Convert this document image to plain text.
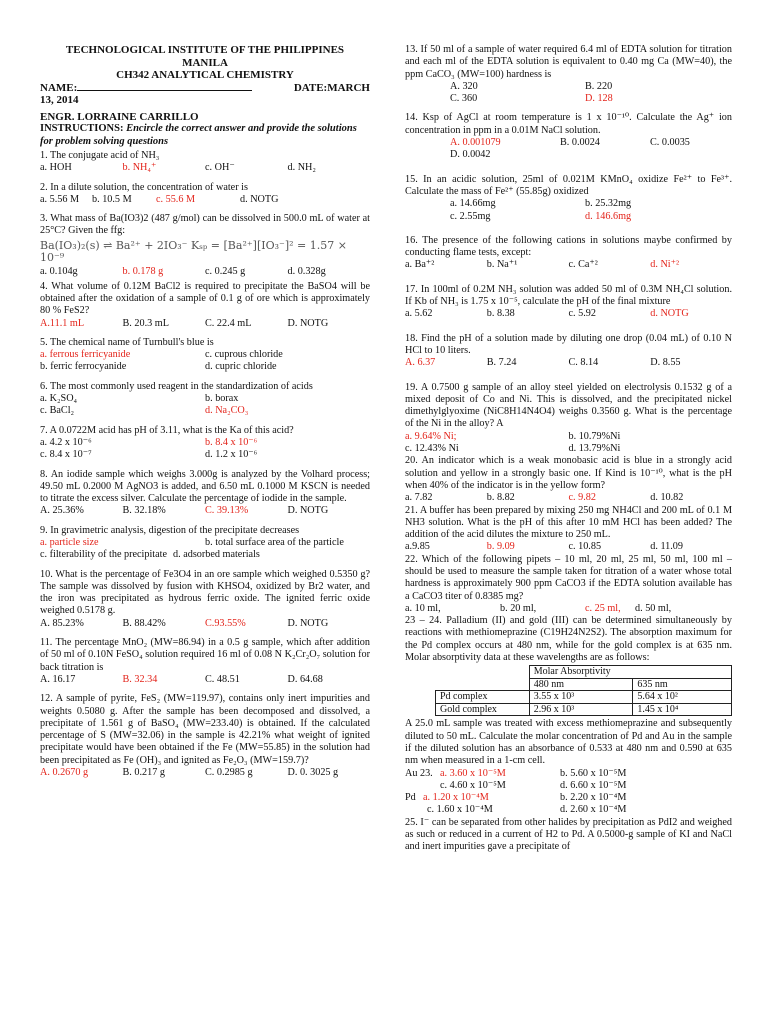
TECHNOLOGICAL INSTITUTE OF THE PHILIPPINES
MANILA
CH342 ANALYTICAL CHEMISTRY
NAME:	DATE:MARCH
13, 2014
ENGR. LORRAINE CARRILLO
INSTRUCTIONS: Encircle the correct answer and provide the solutions for problem solving questions

1. The conjugate acid of NH₃

a. HOH	b. NH₄⁺	c. OH⁻	d. NH₂

2. In a dilute solution, the concentration of water is

a. 5.56 M	b. 10.5 M	c. 55.6 M	d. NOTG

3. What mass of Ba(IO3)2 (487 g/mol) can be dissolved in 500.0 mL of water at 25°C? Given the ffg:

Ba(IO₃)₂(s) ⇌ Ba²⁺ + 2IO₃⁻ Kₛₚ = [Ba²⁺][IO₃⁻]² = 1.57 × 10⁻⁹
a. 0.104g	b. 0.178 g	c. 0.245 g	d. 0.328g

4. What volume of 0.12M BaCl2 is required to precipitate the BaSO4 will be obtained after the oxidation of a sample of 0.1 g of ore which is approximately 80 % FeS2?

A.11.1 mL	B. 20.3 mL	C. 22.4 mL	D. NOTG

5. The chemical name of Turnbull's blue is

a. ferrous ferricyanide	c. cuprous chloride
b. ferric ferrocyanide	d. cupric chloride

6. The most commonly used reagent in the standardization of acids

a. K₂SO₄	b. borax
c. BaCl₂	d. Na₂CO₃

7. A 0.0722M acid has pH of 3.11, what is the Ka of this acid?

a. 4.2 x 10⁻⁶	b. 8.4 x 10⁻⁶
c. 8.4 x 10⁻⁷	d. 1.2 x 10⁻⁶

8. An iodide sample which weighs 3.000g is analyzed by the Volhard process; 49.50 mL 0.2000 M AgNO3 is added, and 6.50 mL 0.1000 M KSCN is needed to titrate the excess silver. Calculate the percentage of iodide in the sample.

A. 25.36%	B. 32.18%	C. 39.13%	D. NOTG

9. In gravimetric analysis, digestion of the precipitate decreases

a. particle size	b. total surface area of the particle
c. filterability of the precipitate d. adsorbed materials

10. What is the percentage of Fe3O4 in an ore sample which weighed 0.5350 g? The sample was dissolved by fusion with KHSO4, oxidized by Br2 water, and the iron was precipitated as hydrous ferric oxide. The ignited ferric oxide weighed 0.5178 g.

A. 85.23%	B. 88.42%	C.93.55%	D. NOTG

11. The percentage MnO₂ (MW=86.94) in a 0.5 g sample, which after addition of 50 ml of 0.10N FeSO₄ solution required 16 ml of 0.08 N K₂Cr₂O₇ solution for back titration is

A. 16.17	B. 32.34	C. 48.51	D. 64.68

12. A sample of pyrite, FeS₂ (MW=119.97), contains only inert impurities and weights 0.5080 g. After the sample has been decomposed and dissolved, a precipitate of 1.561 g of BaSO₄ (MW=233.40) is obtained. If the calculated percentage of S (MW=32.06) in the sample is 42.21% what weight of ignited precipitate would have been obtained if the Fe (MW=55.85) in the solution had been precipitated as Fe (OH)₃ and ignited as Fe₂O₃ (MW=159.7)?

A. 0.2670 g	B. 0.217 g	C. 0.2985 g	D. 0. 3025 g

13. If 50 ml of a sample of water required 6.4 ml of EDTA solution for titration and each ml of the EDTA solution is equivalent to 0.40 mg Ca (MW=40), the ppm CaCO₃ (MW=100) hardness is

A. 320	B. 220
C. 360	D. 128

14. Ksp of AgCl at room temperature is 1 x 10⁻¹⁰. Calculate the Ag⁺ ion concentration in ppm in a 0.01M NaCl solution.

A. 0.001079	B. 0.0024	C. 0.0035
D. 0.0042

15. In an acidic solution, 25ml of 0.021M KMnO₄ oxidize Fe²⁺ to Fe³⁺. Calculate the mass of Fe²⁺ (55.85g) oxidized

a. 14.66mg	b. 25.32mg
c. 2.55mg	d. 146.6mg

16. The presence of the following cations in solutions maybe confirmed by conducting flame tests, except:

a. Ba⁺²	b. Na⁺¹	c. Ca⁺²	d. Ni⁺²

17. In 100ml of 0.2M NH₃ solution was added 50 ml of 0.3M NH₄Cl solution. If Kb of NH₃ is 1.75 x 10⁻⁵, calculate the pH of the final mixture

a. 5.62	b. 8.38	c. 5.92	d. NOTG

18. Find the pH of a solution made by diluting one drop (0.04 mL) of 0.10 N HCl to 10 liters.

A. 6.37	B. 7.24	C. 8.14	D. 8.55

19. A 0.7500 g sample of an alloy steel yielded on electrolysis 0.1532 g of a mixed deposit of Co and Ni. This is dissolved, and the precipitated nickel dimethylglyoxime (NiC8H14N4O4) weighs 0.3560 g. What is the percentage of the Ni in the alloy? A

a. 9.64% Ni;	b. 10.79%Ni
c. 12.43% Ni	d. 13.79%Ni

20. An indicator which is a weak monobasic acid is blue in a strongly acid solution and yellow in a strongly basic one. If Kind is 10⁻¹⁰, what is the pH when 40% of the indicator is in the yellow form?

a. 7.82	b. 8.82	c. 9.82	d. 10.82

21. A buffer has been prepared by mixing 250 mg NH4Cl and 200 mL of 0.1 M NH3 solution. What is the pH of this after 10 mM HCl has been added? The addition of the acid dilutes the mixture to 250 mL.

a.9.85	b. 9.09	c. 10.85	d. 11.09

22. Which of the following pipets – 10 ml, 20 ml, 25 ml, 50 ml, 100 ml – should be used to measure the sample taken for titration of a water whose total hardness is approximately 900 ppm CaCO3 if the EDTA solution available has a CaCO3 titer of 0.8385 mg?

a. 10 ml,	b. 20 ml,	c. 25 ml,	d. 50 ml,

23 – 24. Palladium (II) and gold (III) can be determined simultaneously by reactions with methiomeprazine (C19H24N2S2). The absorption maximum for the Pd complex occurs at 480 nm, while for the gold complex is at 635 nm. Molar absorptivity data at these wavelengths are as follows:

	Molar Absorptivity	
	480 nm	635 nm
Pd complex	3.55 x 10³	5.64 x 10²
Gold complex	2.96 x 10³	1.45 x 10⁴

A 25.0 mL sample was treated with excess methiomeprazine and subsequently diluted to 50 mL. Calculate the molar concentration of Pd and Au in the sample if the diluted solution has an absorbance of 0.533 at 480 nm and 0.590 at 635 nm when measured in a 1-cm cell.

Au 23. a. 3.60 x 10⁻⁵M	b. 5.60 x 10⁻⁵M
c. 4.60 x 10⁻⁵M	d. 6.60 x 10⁻⁵M
Pd a. 1.20 x 10⁻⁴M	b. 2.20 x 10⁻⁴M
c. 1.60 x 10⁻⁴M	d. 2.60 x 10⁻⁴M

25. I⁻ can be separated from other halides by precipitation as PdI2 and weighed as such or reduced in a current of H2 to Pd. A 0.5000-g sample of KI and NaCl and inert impurities gave a precipitate of
